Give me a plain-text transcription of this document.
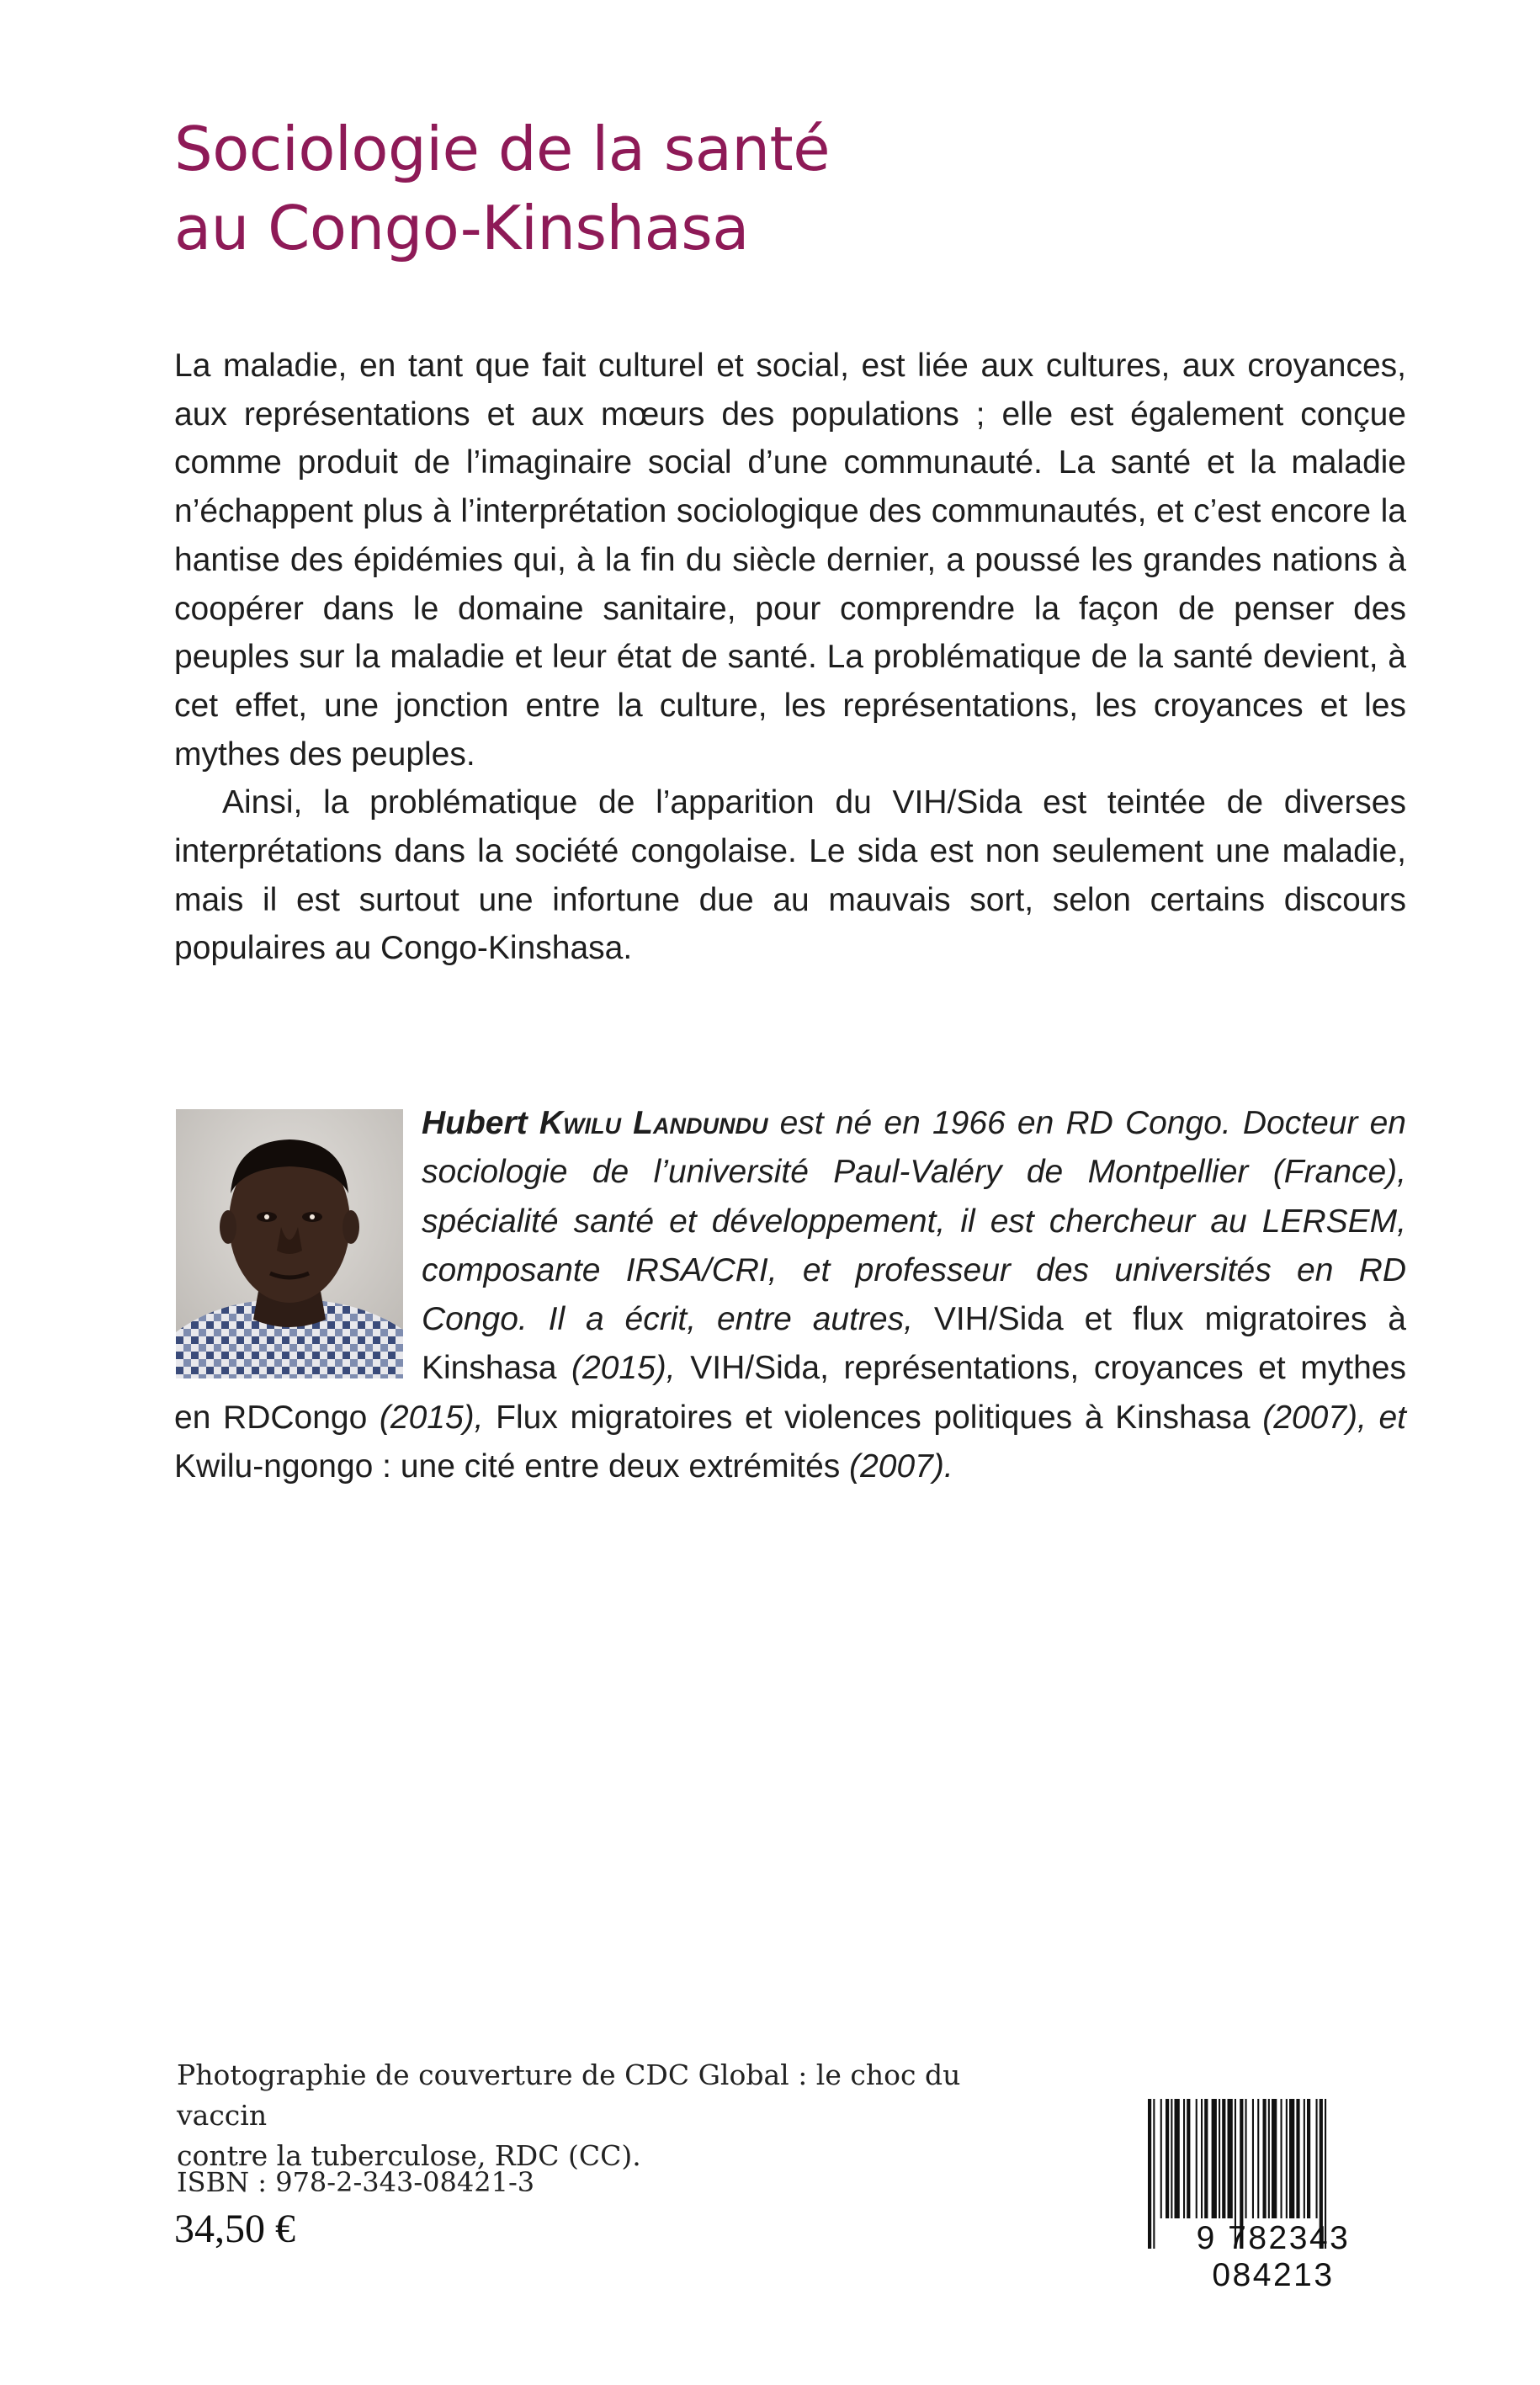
Sociologie de la santé
au Congo-Kinshasa

La maladie, en tant que fait culturel et social, est liée aux cultures, aux croyances, aux représentations et aux mœurs des populations ; elle est également conçue comme produit de l’imaginaire social d’une communauté. La santé et la maladie n’échappent plus à l’interprétation sociologique des communautés, et c’est encore la hantise des épidémies qui, à la fin du siècle dernier, a poussé les grandes nations à coopérer dans le domaine sanitaire, pour comprendre la façon de penser des peuples sur la maladie et leur état de santé. La problématique de la santé devient, à cet effet, une jonction entre la culture, les représentations, les croyances et les mythes des peuples.

Ainsi, la problématique de l’apparition du VIH/Sida est teintée de diverses interprétations dans la société congolaise. Le sida est non seulement une maladie, mais il est surtout une infortune due au mauvais sort, selon certains discours populaires au Congo-Kinshasa.

Hubert Kwilu Landundu est né en 1966 en RD Congo. Docteur en sociologie de l’université Paul-Valéry de Montpellier (France), spécialité santé et développement, il est chercheur au LERSEM, composante IRSA/CRI, et professeur des universités en RD Congo. Il a écrit, entre autres, VIH/Sida et flux migratoires à Kinshasa (2015), VIH/Sida, représentations, croyances et mythes en RDCongo (2015), Flux migratoires et violences politiques à Kinshasa (2007), et Kwilu-ngongo : une cité entre deux extrémités (2007).
Photographie de couverture de CDC Global : le choc du vaccin
contre la tuberculose, RDC (CC).
ISBN : 978-2-343-08421-3
34,50 €	9 782343 084213
